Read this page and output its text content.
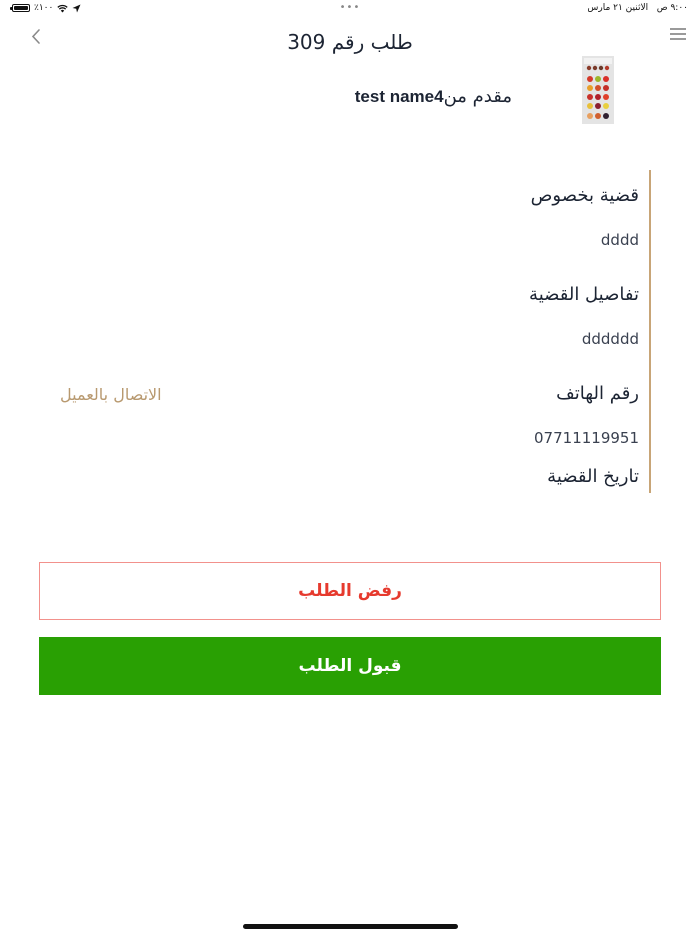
٪١٠٠	•••	٩:٠٠ ص   الاثنين ٢١ مارس
طلب رقم 309
مقدم منtest name4
قضية بخصوص
dddd
تفاصيل القضية
dddddd
رقم الهاتف
الاتصال بالعميل
07711119951
تاريخ القضية
رفض الطلب
قبول الطلب
